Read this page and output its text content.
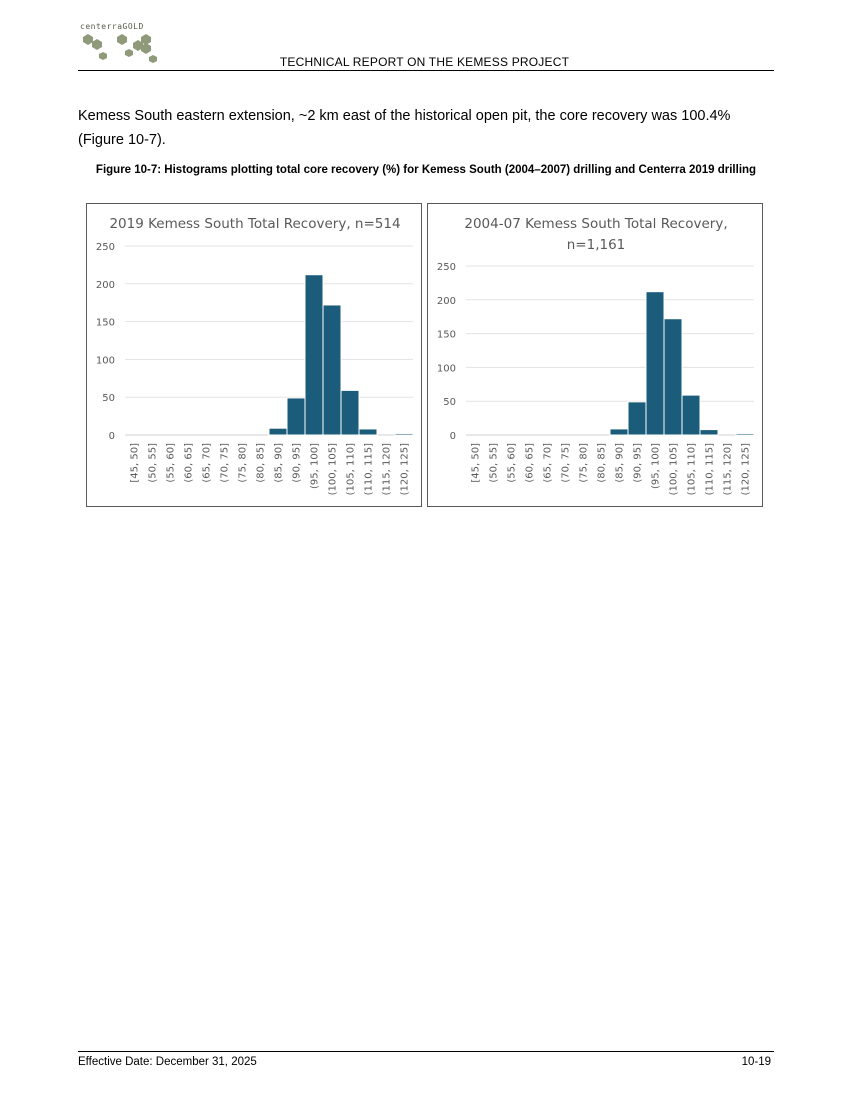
centerraGOLD
TECHNICAL REPORT ON THE KEMESS PROJECT
Kemess South eastern extension, ~2 km east of the historical open pit, the core recovery was 100.4% (Figure 10-7).
Figure 10-7: Histograms plotting total core recovery (%) for Kemess South (2004–2007) drilling and Centerra 2019 drilling
2019 Kemess South Total Recovery, n=514
0
50
100
150
200
250
[45, 50] (50, 55] (55, 60] (60, 65] (65, 70] (70, 75] (75, 80] (80, 85] (85, 90] (90, 95] (95, 100] (100, 105] (105, 110] (110, 115] (115, 120] (120, 125]
2004-07 Kemess South Total Recovery,
n=1,161
0
50
100
150
200
250
[45, 50] (50, 55] (55, 60] (60, 65] (65, 70] (70, 75] (75, 80] (80, 85] (85, 90] (90, 95] (95, 100] (100, 105] (105, 110] (110, 115] (115, 120] (120, 125]
Effective Date: December 31, 2025	10-19
